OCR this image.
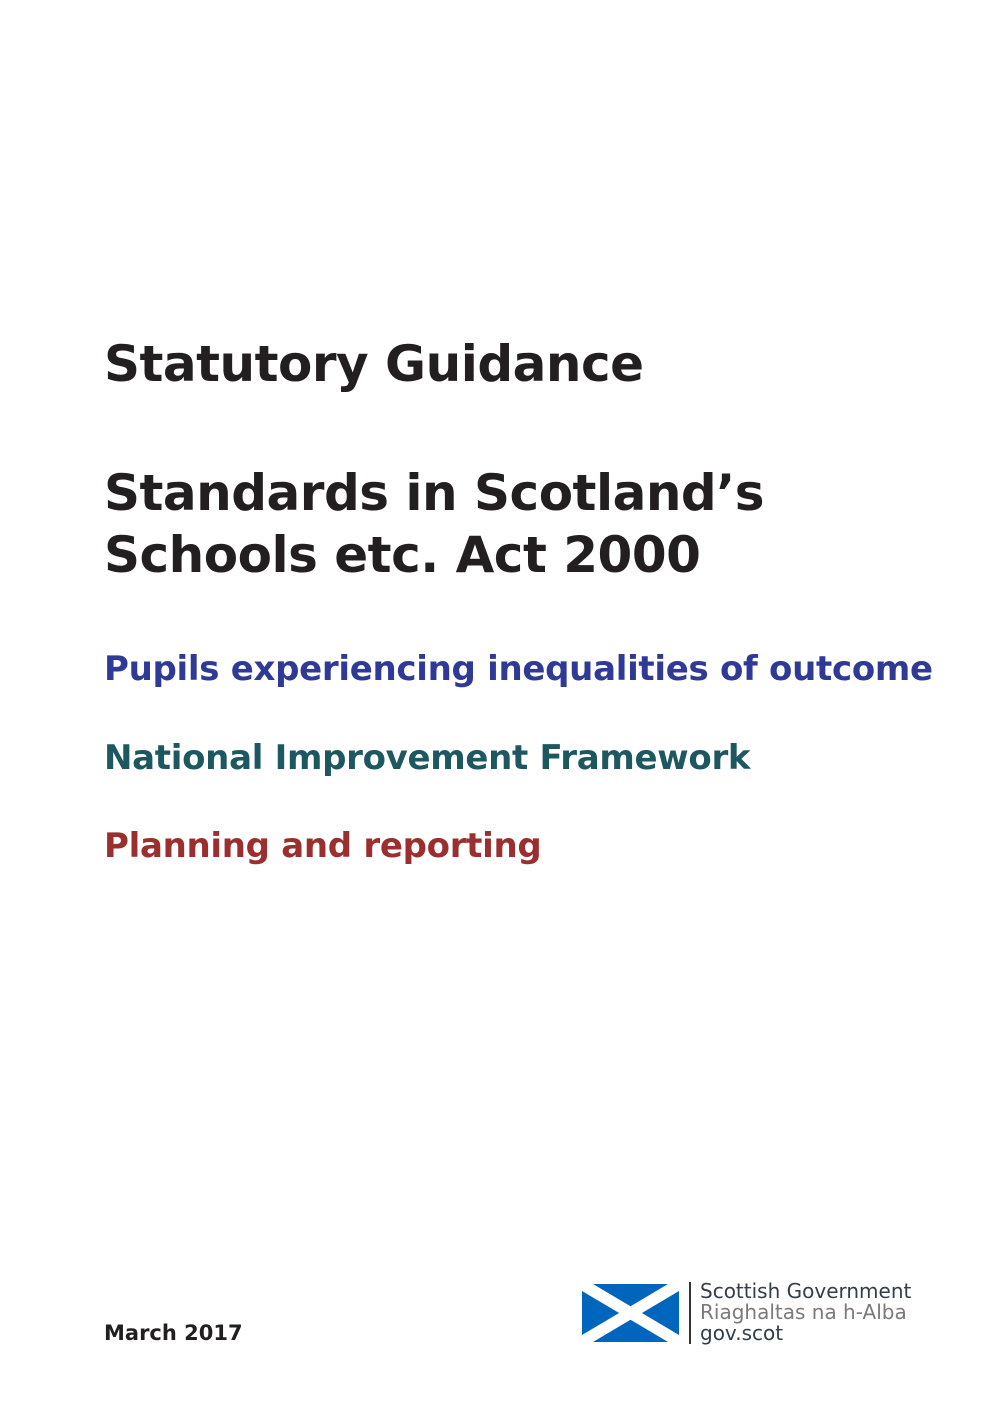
Statutory Guidance
Standards in Scotland’s Schools etc. Act 2000
Pupils experiencing inequalities of outcome
National Improvement Framework
Planning and reporting
March 2017
Scottish Government
Riaghaltas na h-Alba
gov.scot
